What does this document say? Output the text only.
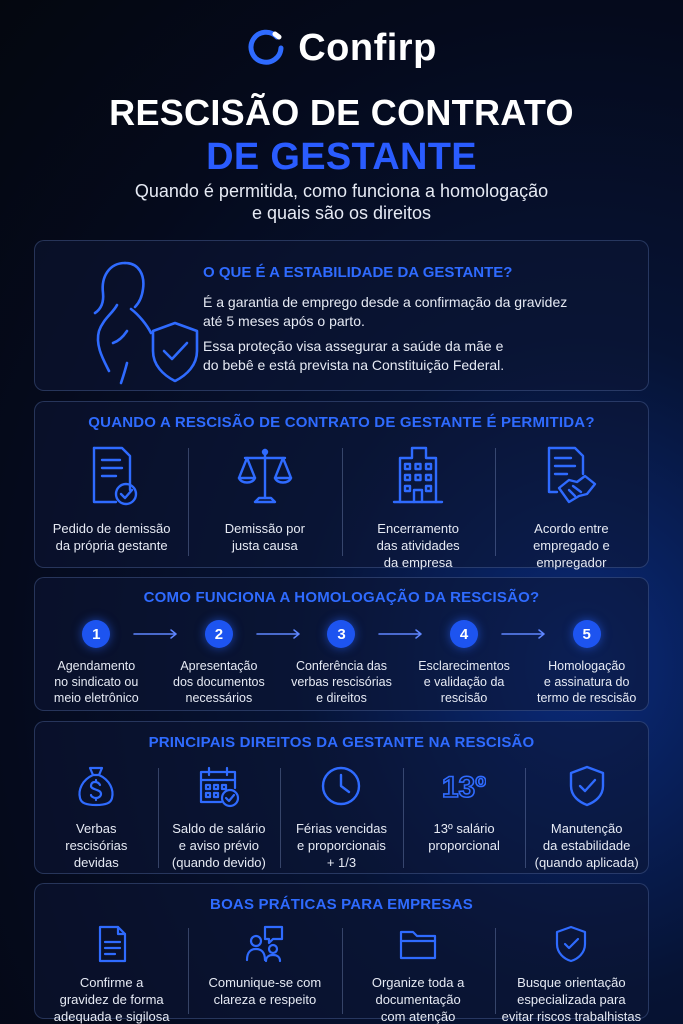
Confirp
RESCISÃO DE CONTRATO
DE GESTANTE
Quando é permitida, como funciona a homologação
e quais são os direitos
O QUE É A ESTABILIDADE DA GESTANTE?
É a garantia de emprego desde a confirmação da gravidez
até 5 meses após o parto.
Essa proteção visa assegurar a saúde da mãe e
do bebê e está prevista na Constituição Federal.
QUANDO A RESCISÃO DE CONTRATO DE GESTANTE É PERMITIDA?
Pedido de demissão
da própria gestante
Demissão por
justa causa
Encerramento
das atividades
da empresa
Acordo entre
empregado e
empregador
COMO FUNCIONA A HOMOLOGAÇÃO DA RESCISÃO?
1
Agendamento
no sindicato ou
meio eletrônico
2
Apresentação
dos documentos
necessários
3
Conferência das
verbas rescisórias
e direitos
4
Esclarecimentos
e validação da
rescisão
5
Homologação
e assinatura do
termo de rescisão
PRINCIPAIS DIREITOS DA GESTANTE NA RESCISÃO
Verbas
rescisórias
devidas
Saldo de salário
e aviso prévio
(quando devido)
Férias vencidas
e proporcionais
+ 1/3
13º
13º salário
proporcional
Manutenção
da estabilidade
(quando aplicada)
BOAS PRÁTICAS PARA EMPRESAS
Confirme a
gravidez de forma
adequada e sigilosa
Comunique-se com
clareza e respeito
Organize toda a
documentação
com atenção
Busque orientação
especializada para
evitar riscos trabalhistas
